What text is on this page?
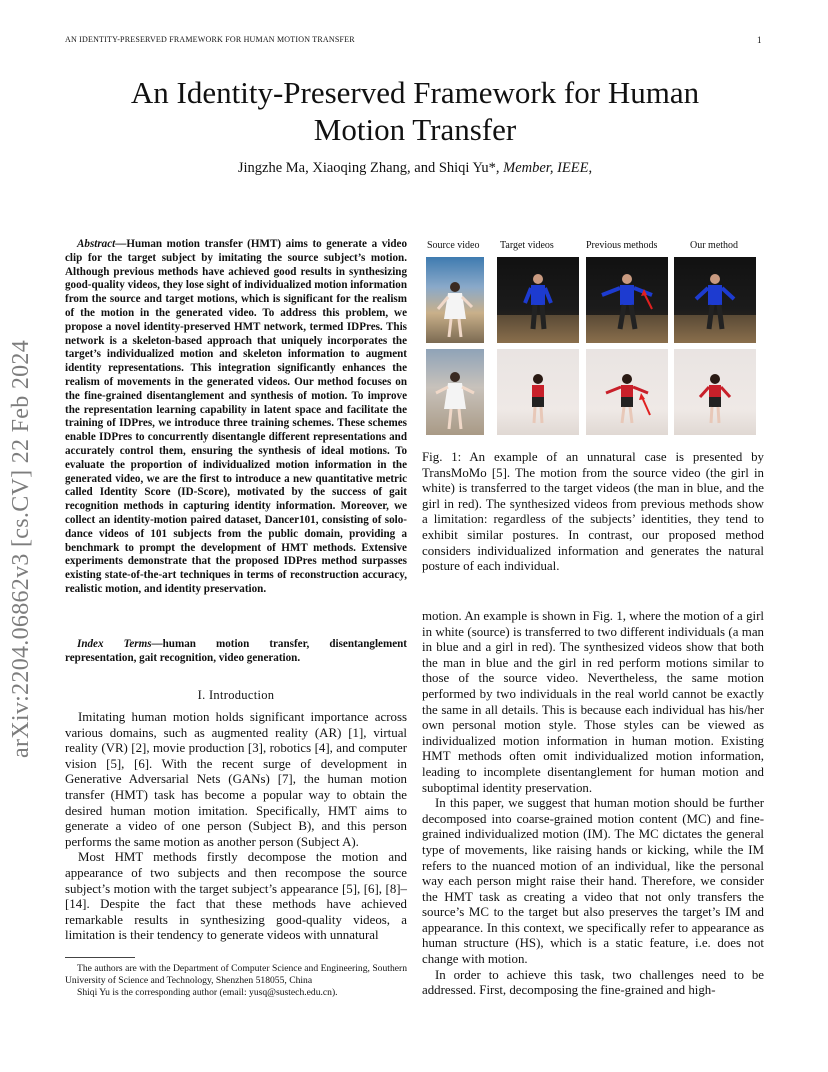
AN IDENTITY-PRESERVED FRAMEWORK FOR HUMAN MOTION TRANSFER	1
arXiv:2204.06862v3 [cs.CV] 22 Feb 2024
An Identity-Preserved Framework for Human
Motion Transfer
Jingzhe Ma, Xiaoqing Zhang, and Shiqi Yu*, Member, IEEE,

Abstract—Human motion transfer (HMT) aims to generate a video clip for the target subject by imitating the source subject’s motion. Although previous methods have achieved good results in synthesizing good-quality videos, they lose sight of individualized motion information from the source and target motions, which is significant for the realism of the motion in the generated video. To address this problem, we propose a novel identity-preserved HMT network, termed IDPres. This network is a skeleton-based approach that uniquely incorporates the target’s individualized motion and skeleton information to augment identity representations. This integration significantly enhances the realism of movements in the generated videos. Our method focuses on the fine-grained disentanglement and synthesis of motion. To improve the representation learning capability in latent space and facilitate the training of IDPres, we introduce three training schemes. These schemes enable IDPres to concurrently disentangle different representations and accurately control them, ensuring the synthesis of ideal motions. To evaluate the proportion of individualized motion information in the generated video, we are the first to introduce a new quantitative metric called Identity Score (ID-Score), motivated by the success of gait recognition methods in capturing identity information. Moreover, we collect an identity-motion paired dataset, Dancer101, consisting of solo-dance videos of 101 subjects from the public domain, providing a benchmark to prompt the development of HMT methods. Extensive experiments demonstrate that the proposed IDPres method surpasses existing state-of-the-art techniques in terms of reconstruction accuracy, realistic motion, and identity preservation.

Index Terms—human motion transfer, disentanglement representation, gait recognition, video generation.

I. Introduction

Imitating human motion holds significant importance across various domains, such as augmented reality (AR) [1], virtual reality (VR) [2], movie production [3], robotics [4], and computer vision [5], [6]. With the recent surge of development in Generative Adversarial Nets (GANs) [7], the human motion transfer (HMT) task has become a popular way to obtain the desired human motion imitation. Specifically, HMT aims to generate a video of one person (Subject B), and this person performs the same motion as another person (Subject A).

Most HMT methods firstly decompose the motion and appearance of two subjects and then recompose the source subject’s motion with the target subject’s appearance [5], [6], [8]–[14]. Despite the fact that these methods have achieved remarkable results in synthesizing good-quality videos, a limitation is their tendency to generate videos with unnatural

The authors are with the Department of Computer Science and Engineering, Southern University of Science and Technology, Shenzhen 518055, China

Shiqi Yu is the corresponding author (email: yusq@sustech.edu.cn).

Source video Target videos	Previous methods	Our method
Fig. 1: An example of an unnatural case is presented by TransMoMo [5]. The motion from the source video (the girl in white) is transferred to the target videos (the man in blue, and the girl in red). The synthesized videos from previous methods show a limitation: regardless of the subjects’ identities, they tend to exhibit similar postures. In contrast, our proposed method considers individualized information and generates the natural posture of each individual.

motion. An example is shown in Fig. 1, where the motion of a girl in white (source) is transferred to two different individuals (a man in blue and a girl in red). The synthesized videos show that both the man in blue and the girl in red perform motions similar to those of the source video. Nevertheless, the same motion performed by two individuals in the real world cannot be exactly the same in all details. This is because each individual has his/her own personal motion style. Those styles can be viewed as individualized motion information in human motion. Existing HMT methods often omit individualized motion information, leading to incomplete disentanglement for human motion and suboptimal identity preservation.

In this paper, we suggest that human motion should be further decomposed into coarse-grained motion content (MC) and fine-grained individualized motion (IM). The MC dictates the general type of movements, like raising hands or kicking, while the IM refers to the nuanced motion of an individual, like the personal way each person might raise their hand. Therefore, we consider the HMT task as creating a video that not only transfers the source’s MC to the target but also preserves the target’s IM and appearance. In this context, we specifically refer to appearance as human structure (HS), which is a static feature, i.e. does not change with motion.

In order to achieve this task, two challenges need to be addressed. First, decomposing the fine-grained and high-
